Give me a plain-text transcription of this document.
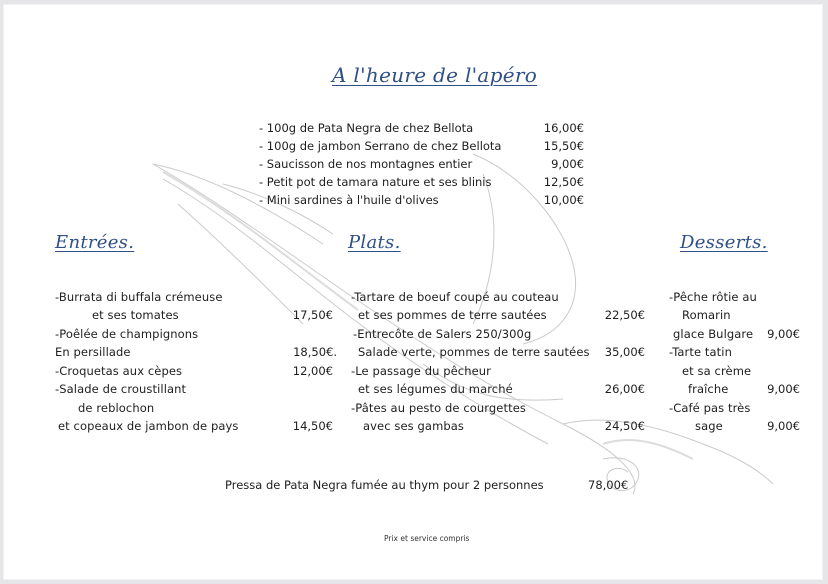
A l'heure de l'apéro
- 100g de Pata Negra de chez Bellota	16,00€
- 100g de jambon Serrano de chez Bellota	15,50€
- Saucisson de nos montagnes entier	9,00€
- Petit pot de tamara nature et ses blinis	12,50€
- Mini sardines à l'huile d'olives	10,00€
Entrées.
-Burrata di buffala crémeuse
et ses tomates	17,50€
-Poêlée de champignons
En persillade	18,50€.
-Croquetas aux cèpes	12,00€
-Salade de croustillant
de reblochon
et copeaux de jambon de pays	14,50€
Plats.
-Tartare de boeuf coupé au couteau
et ses pommes de terre sautées	22,50€
-Entrecôte de Salers 250/300g
Salade verte, pommes de terre sautées 35,00€
-Le passage du pêcheur
et ses légumes du marché	26,00€
-Pâtes au pesto de courgettes
avec ses gambas	24,50€
Desserts.
-Pêche rôtie au
Romarin
glace Bulgare 9,00€
-Tarte tatin
et sa crème
fraîche	9,00€
-Café pas très
sage	9,00€
Pressa de Pata Negra fumée au thym pour 2 personnes	78,00€
Prix et service compris
